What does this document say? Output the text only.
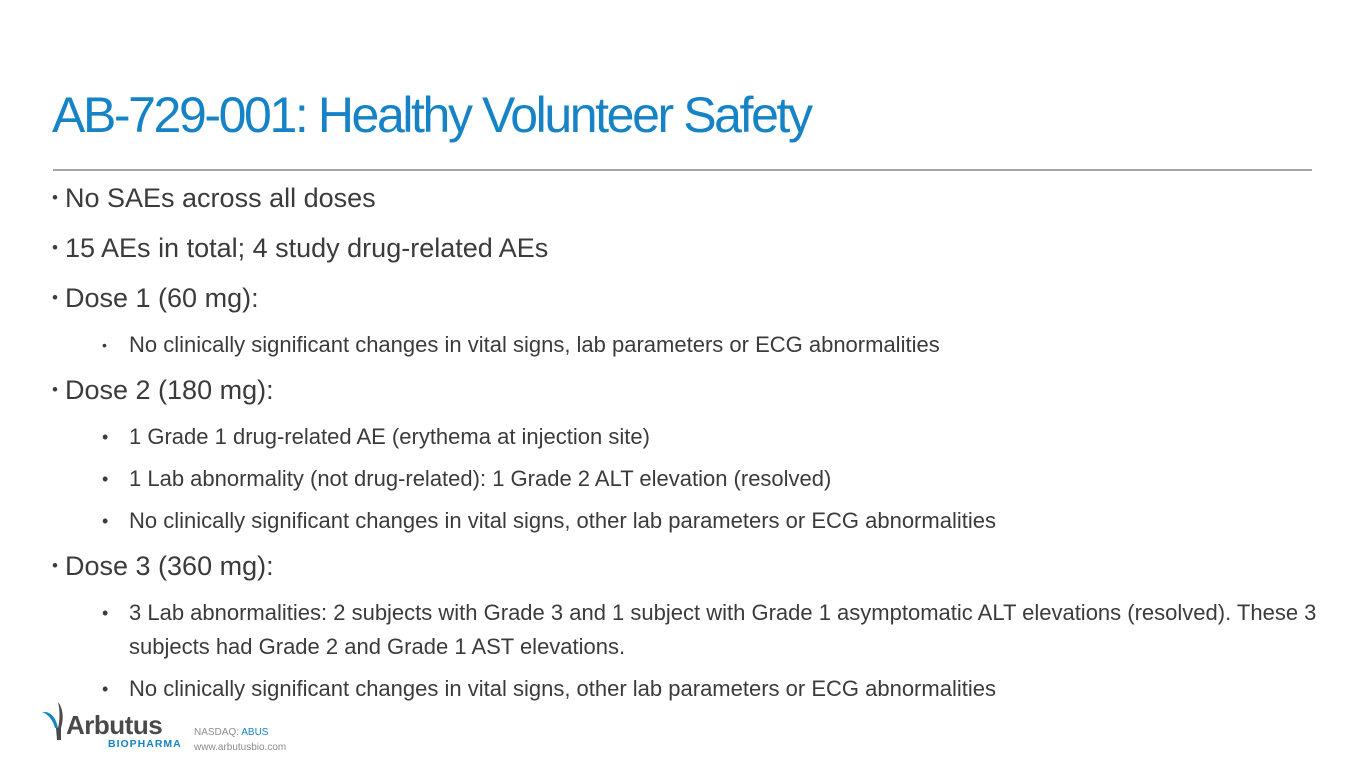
AB-729-001: Healthy Volunteer Safety
• No SAEs across all doses
• 15 AEs in total; 4 study drug-related AEs
• Dose 1 (60 mg):
• No clinically significant changes in vital signs, lab parameters or ECG abnormalities
• Dose 2 (180 mg):
• 1 Grade 1 drug-related AE (erythema at injection site)
• 1 Lab abnormality (not drug-related): 1 Grade 2 ALT elevation (resolved)
• No clinically significant changes in vital signs, other lab parameters or ECG abnormalities
• Dose 3 (360 mg):
• 3 Lab abnormalities: 2 subjects with Grade 3 and 1 subject with Grade 1 asymptomatic ALT elevations (resolved). These 3 subjects had Grade 2 and Grade 1 AST elevations.
• No clinically significant changes in vital signs, other lab parameters or ECG abnormalities
Arbutus
BIOPHARMA
NASDAQ: ABUS
www.arbutusbio.com
